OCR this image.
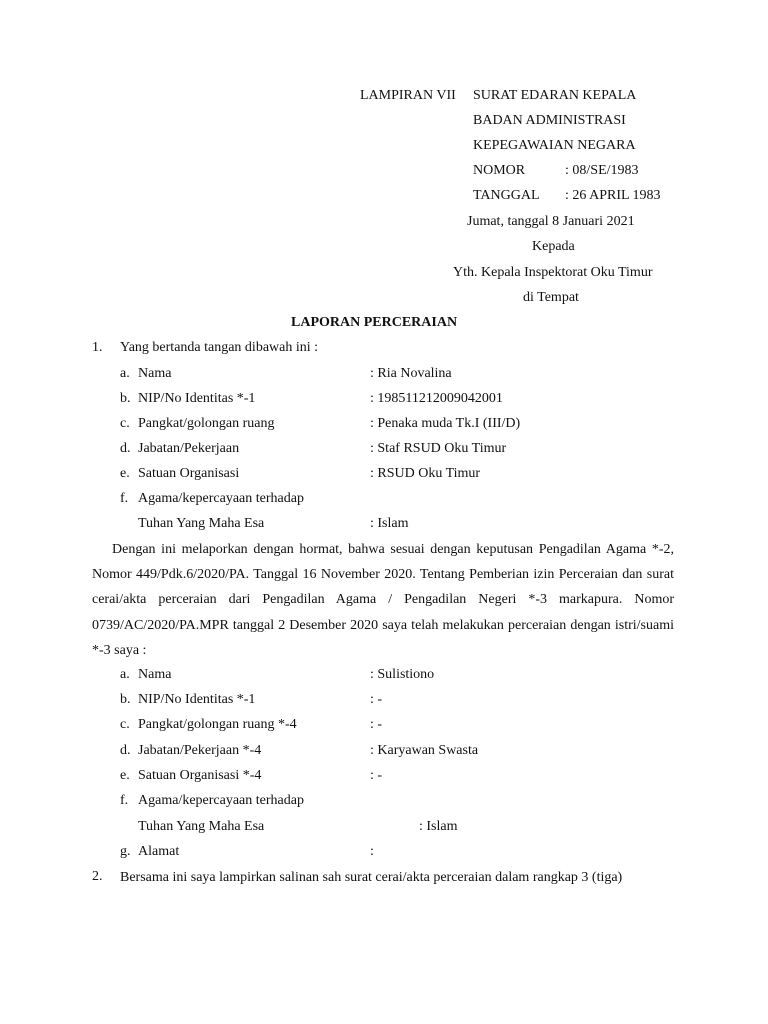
LAMPIRAN VII SURAT EDARAN KEPALA
BADAN ADMINISTRASI
KEPEGAWAIAN NEGARA
NOMOR	: 08/SE/1983
TANGGAL : 26 APRIL 1983
Jumat, tanggal 8 Januari 2021
Kepada
Yth. Kepala Inspektorat Oku Timur
di Tempat
LAPORAN PERCERAIAN
1. Yang bertanda tangan dibawah ini :
a. Nama	: Ria Novalina
b. NIP/No Identitas *-1	: 198511212009042001
c. Pangkat/golongan ruang	: Penaka muda Tk.I (III/D)
d. Jabatan/Pekerjaan	: Staf RSUD Oku Timur
e. Satuan Organisasi	: RSUD Oku Timur
f. Agama/kepercayaan terhadap
Tuhan Yang Maha Esa	: Islam
Dengan ini melaporkan dengan hormat, bahwa sesuai dengan keputusan Pengadilan Agama *-2, Nomor 449/Pdk.6/2020/PA. Tanggal 16 November 2020. Tentang Pemberian izin Perceraian dan surat cerai/akta perceraian dari Pengadilan Agama / Pengadilan Negeri *-3 markapura. Nomor 0739/AC/2020/PA.MPR tanggal 2 Desember 2020 saya telah melakukan perceraian dengan istri/suami *-3 saya :
a. Nama	: Sulistiono
b. NIP/No Identitas *-1	: -
c. Pangkat/golongan ruang *-4	: -
d. Jabatan/Pekerjaan *-4	: Karyawan Swasta
e. Satuan Organisasi *-4	: -
f. Agama/kepercayaan terhadap
Tuhan Yang Maha Esa	: Islam
g. Alamat	:
2. Bersama ini saya lampirkan salinan sah surat cerai/akta perceraian dalam rangkap 3 (tiga)
